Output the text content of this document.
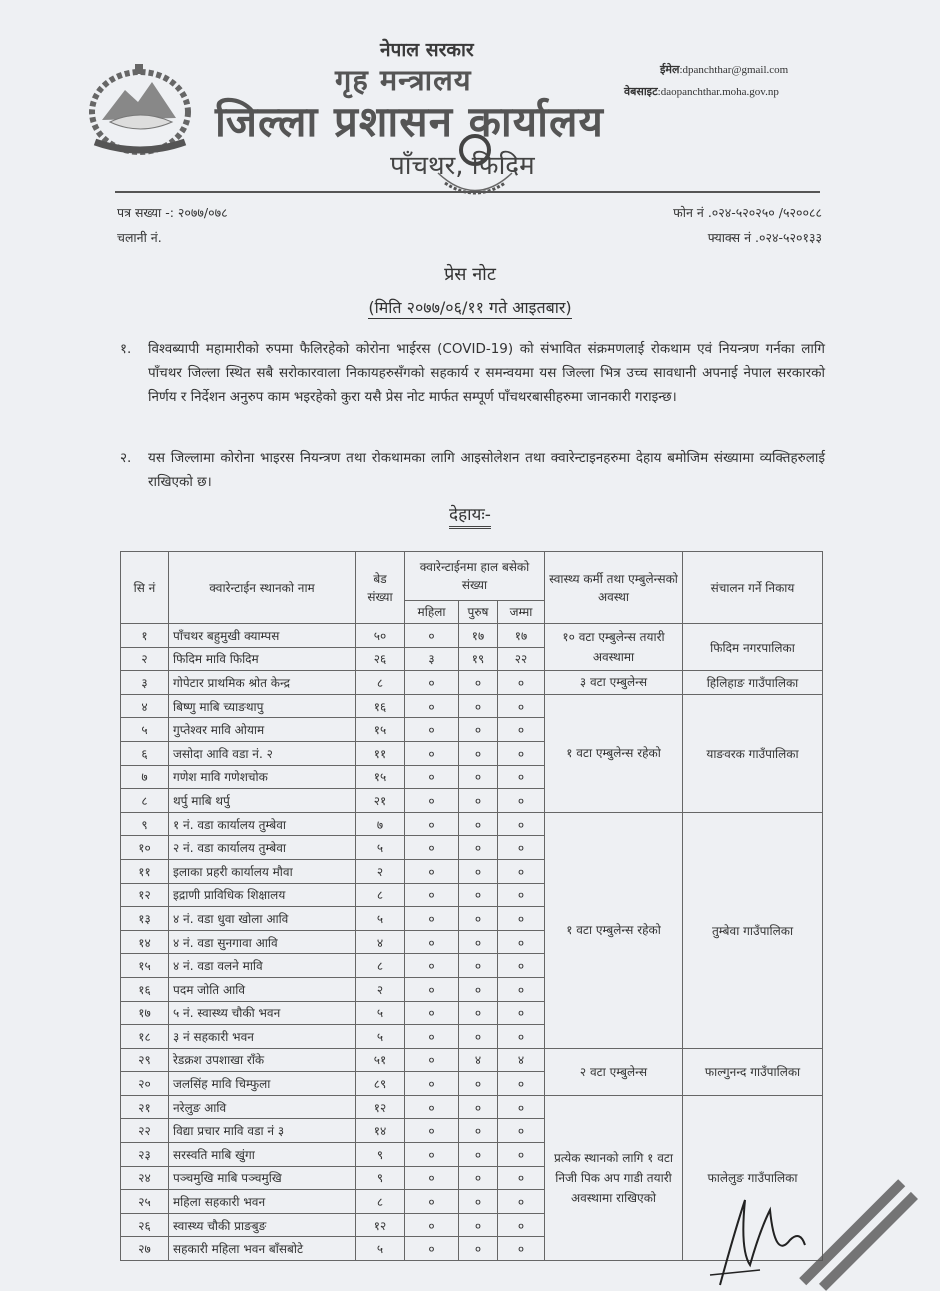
नेपाल सरकार
गृह मन्त्रालय
जिल्ला प्रशासन कार्यालय
पाँचथर, फिदिम
ईमेल:dpanchthar@gmail.com
वेबसाइट:daopanchthar.moha.gov.np
पत्र सख्या -: २०७७/०७८
चलानी नं.
फोन नं .०२४-५२०२५० /५२००८८
फ्याक्स नं .०२४-५२०१३३
प्रेस नोट
(मिति २०७७/०६/११ गते आइतबार)
१. विश्वब्यापी महामारीको रुपमा फैलिरहेको कोरोना भाईरस (COVID-19) को संभावित संक्रमणलाई रोकथाम एवं नियन्त्रण गर्नका लागि पाँचथर जिल्ला स्थित सबै सरोकारवाला निकायहरुसँगको सहकार्य र समन्वयमा यस जिल्ला भित्र उच्च सावधानी अपनाई नेपाल सरकारको निर्णय र निर्देशन अनुरुप काम भइरहेको कुरा यसै प्रेस नोट मार्फत सम्पूर्ण पाँचथरबासीहरुमा जानकारी गराइन्छ।
२. यस जिल्लामा कोरोना भाइरस नियन्त्रण तथा रोकथामका लागि आइसोलेशन तथा क्वारेन्टाइनहरुमा देहाय बमोजिम संख्यामा व्यक्तिहरुलाई राखिएको छ।
देहायः-
सि नं	क्वारेन्टाईन स्थानको नाम	बेड संख्या	क्वारेन्टाईनमा हाल बसेको संख्या			स्वास्थ्य कर्मी तथा एम्बुलेन्सको अवस्था	संचालन गर्ने निकाय
			महिला	पुरुष	जम्मा		
१	पाँचथर बहुमुखी क्याम्पस	५०	०	१७	१७	१० वटा एम्बुलेन्स तयारी अवस्थामा	फिदिम नगरपालिका
२	फिदिम मावि फिदिम	२६	३	१९	२२		
३	गोपेटार प्राथमिक श्रोत केन्द्र	८	०	०	०	३ वटा एम्बुलेन्स	हिलिहाङ गाउँपालिका
४	बिष्णु माबि च्याङथापु	१६	०	०	०	१ वटा एम्बुलेन्स रहेको	याङवरक गाउँपालिका
५	गुप्तेश्वर मावि ओयाम	१५	०	०	०		
६	जसोदा आवि वडा नं. २	११	०	०	०		
७	गणेश मावि गणेशचोक	१५	०	०	०		
८	थर्पु माबि थर्पु	२१	०	०	०		
९	१ नं. वडा कार्यालय तुम्बेवा	७	०	०	०	१ वटा एम्बुलेन्स रहेको	तुम्बेवा गाउँपालिका
१०	२ नं. वडा कार्यालय तुम्बेवा	५	०	०	०		
११	इलाका प्रहरी कार्यालय मौवा	२	०	०	०		
१२	इद्राणी प्राविधिक शिक्षालय	८	०	०	०		
१३	४ नं. वडा धुवा खोला आवि	५	०	०	०		
१४	४ नं. वडा सुनगावा आवि	४	०	०	०		
१५	४ नं. वडा वलने मावि	८	०	०	०		
१६	पदम जोति आवि	२	०	०	०		
१७	५ नं. स्वास्थ्य चौकी भवन	५	०	०	०		
१८	३ नं सहकारी भवन	५	०	०	०		
२९	रेडक्रश उपशाखा राँके	५१	०	४	४	२ वटा एम्बुलेन्स	फाल्गुनन्द गाउँपालिका
२०	जलसिंह मावि चिम्फुला	८९	०	०	०		
२१	नरेलुङ आवि	१२	०	०	०	प्रत्येक स्थानको लागि १ वटा निजी पिक अप गाडी तयारी अवस्थामा राखिएको	फालेलुङ गाउँपालिका
२२	विद्या प्रचार मावि वडा नं ३	१४	०	०	०		
२३	सरस्वति माबि खुंगा	९	०	०	०		
२४	पञ्चमुखि माबि पञ्चमुखि	९	०	०	०		
२५	महिला सहकारी भवन	८	०	०	०		
२६	स्वास्थ्य चौकी प्राङबुङ	१२	०	०	०		
२७	सहकारी महिला भवन बाँसबोटे	५	०	०	०		
